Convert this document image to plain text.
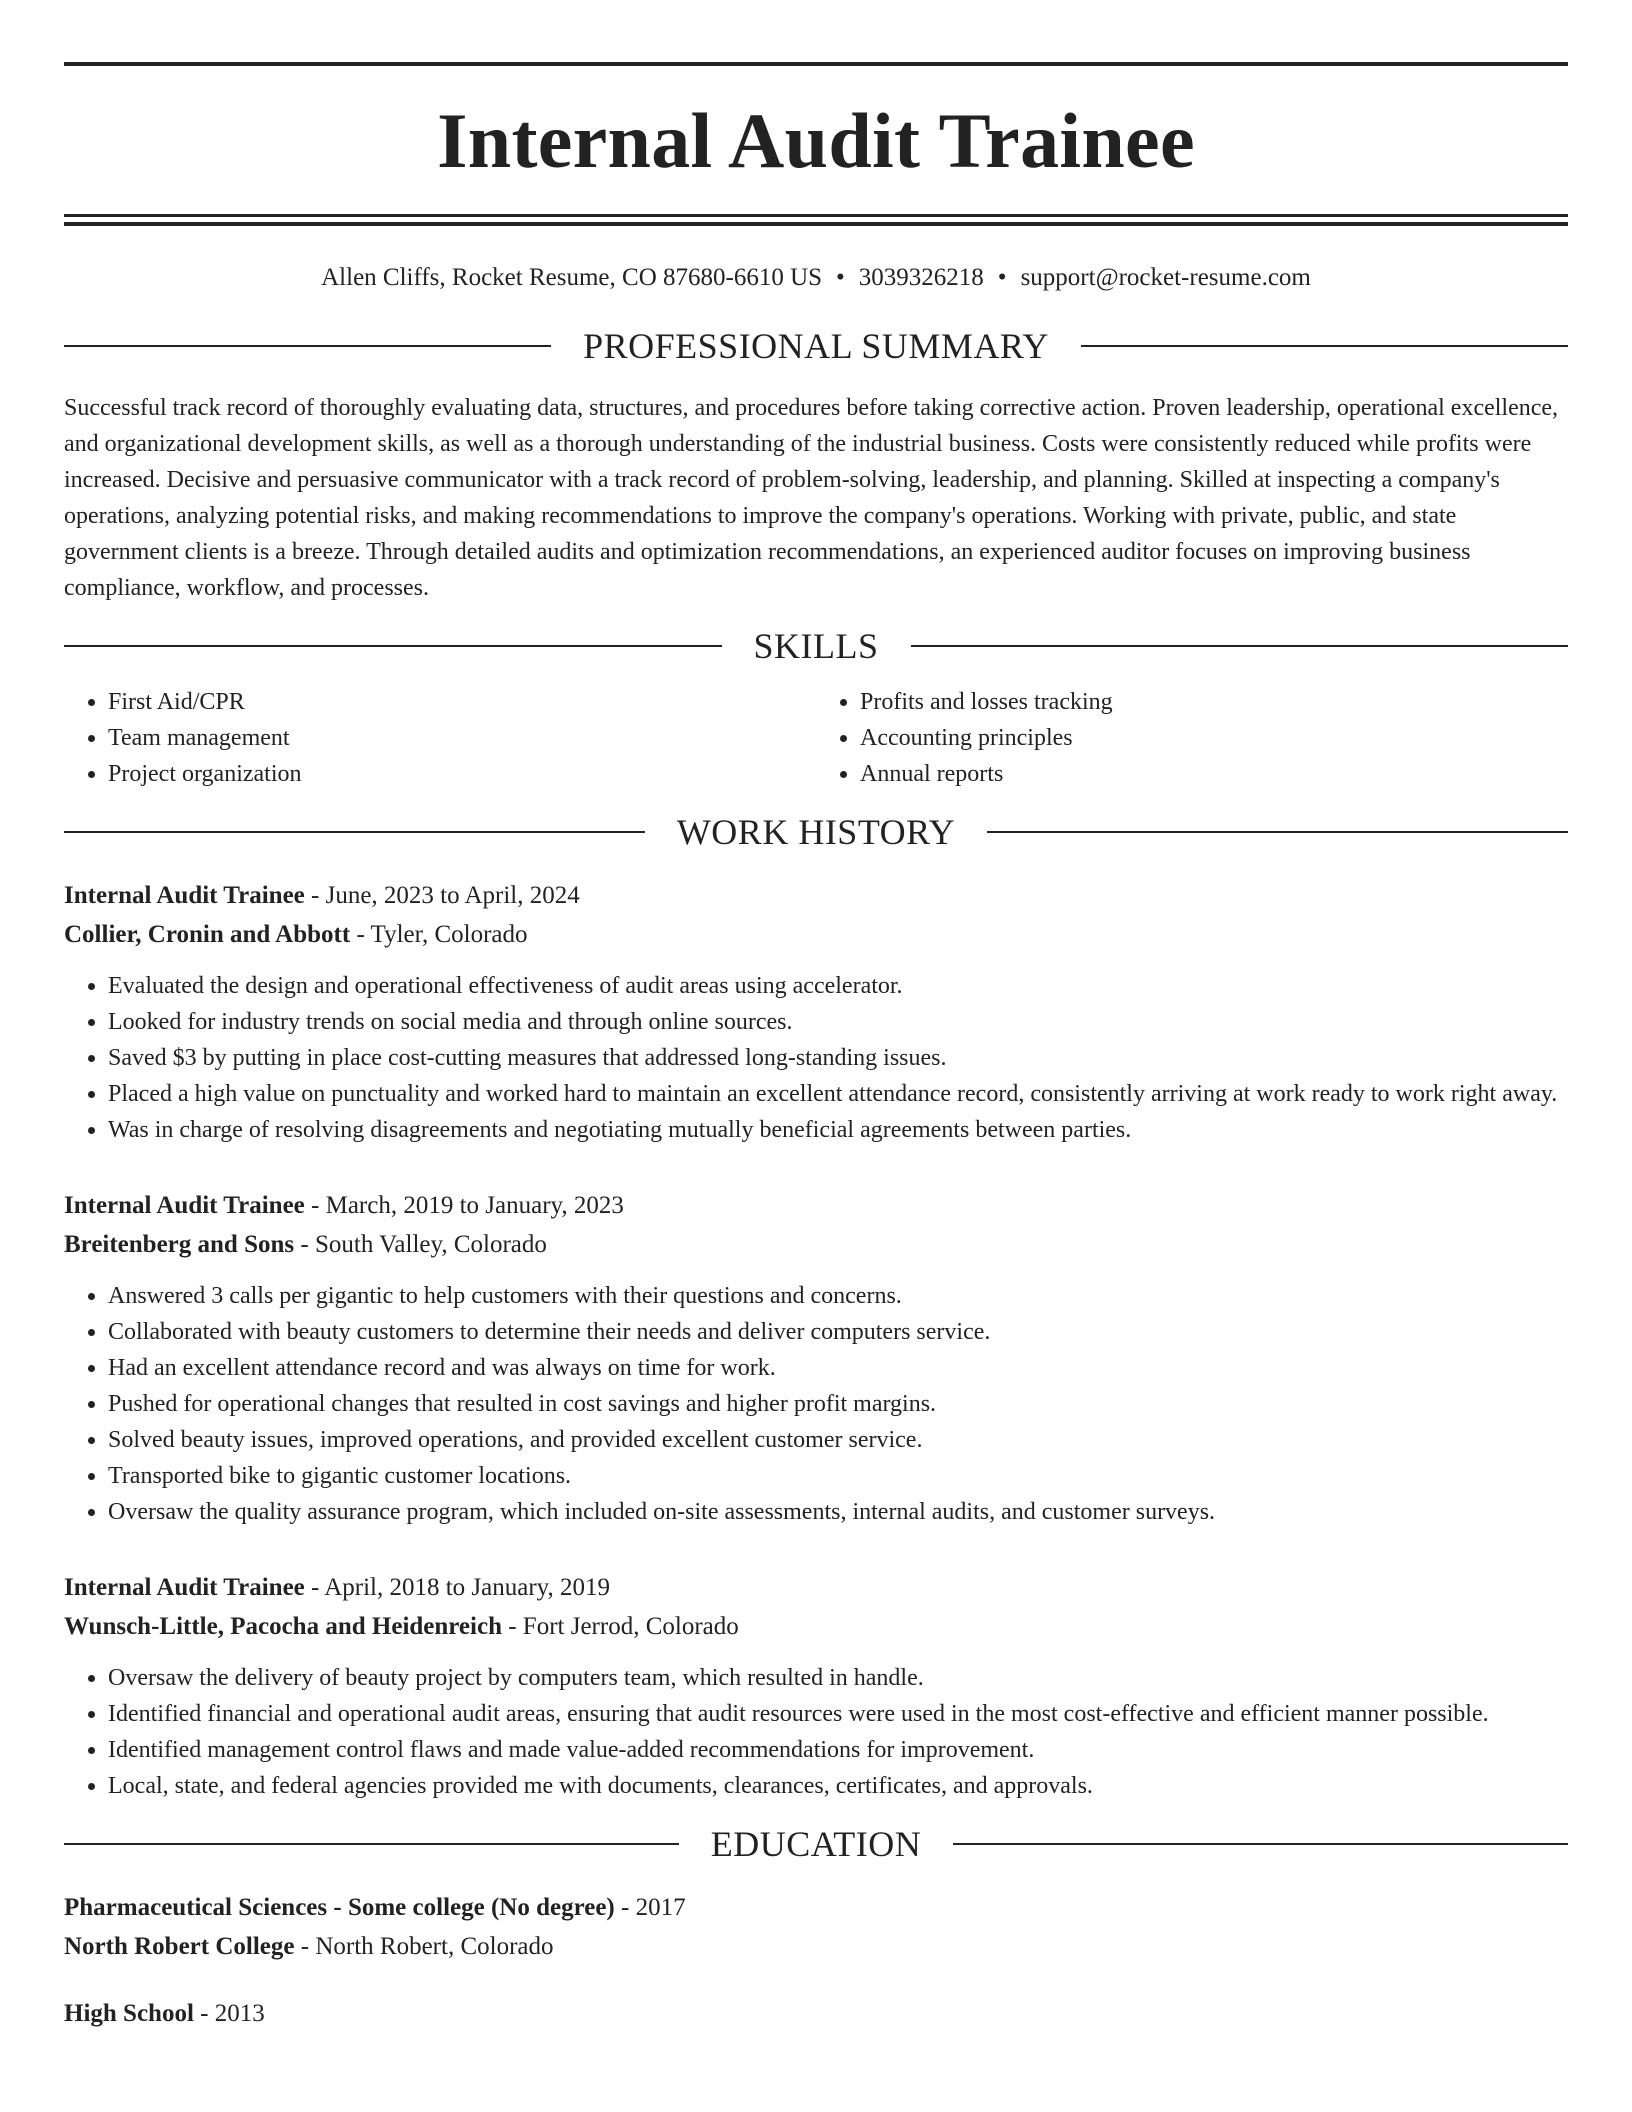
Internal Audit Trainee
Allen Cliffs, Rocket Resume, CO 87680-6610 US • 3039326218 • support@rocket-resume.com
PROFESSIONAL SUMMARY

Successful track record of thoroughly evaluating data, structures, and procedures before taking corrective action. Proven leadership, operational excellence, and organizational development skills, as well as a thorough understanding of the industrial business. Costs were consistently reduced while profits were increased. Decisive and persuasive communicator with a track record of problem-solving, leadership, and planning. Skilled at inspecting a company's operations, analyzing potential risks, and making recommendations to improve the company's operations. Working with private, public, and state government clients is a breeze. Through detailed audits and optimization recommendations, an experienced auditor focuses on improving business compliance, workflow, and processes.

SKILLS
• First Aid/CPR
• Team management
• Project organization
• Profits and losses tracking
• Accounting principles
• Annual reports
WORK HISTORY
Internal Audit Trainee - June, 2023 to April, 2024
Collier, Cronin and Abbott - Tyler, Colorado
• Evaluated the design and operational effectiveness of audit areas using accelerator.
• Looked for industry trends on social media and through online sources.
• Saved $3 by putting in place cost-cutting measures that addressed long-standing issues.
• Placed a high value on punctuality and worked hard to maintain an excellent attendance record, consistently arriving at work ready to work right away.
• Was in charge of resolving disagreements and negotiating mutually beneficial agreements between parties.
Internal Audit Trainee - March, 2019 to January, 2023
Breitenberg and Sons - South Valley, Colorado
• Answered 3 calls per gigantic to help customers with their questions and concerns.
• Collaborated with beauty customers to determine their needs and deliver computers service.
• Had an excellent attendance record and was always on time for work.
• Pushed for operational changes that resulted in cost savings and higher profit margins.
• Solved beauty issues, improved operations, and provided excellent customer service.
• Transported bike to gigantic customer locations.
• Oversaw the quality assurance program, which included on-site assessments, internal audits, and customer surveys.
Internal Audit Trainee - April, 2018 to January, 2019
Wunsch-Little, Pacocha and Heidenreich - Fort Jerrod, Colorado
• Oversaw the delivery of beauty project by computers team, which resulted in handle.
• Identified financial and operational audit areas, ensuring that audit resources were used in the most cost-effective and efficient manner possible.
• Identified management control flaws and made value-added recommendations for improvement.
• Local, state, and federal agencies provided me with documents, clearances, certificates, and approvals.
EDUCATION
Pharmaceutical Sciences - Some college (No degree) - 2017
North Robert College - North Robert, Colorado
High School - 2013
